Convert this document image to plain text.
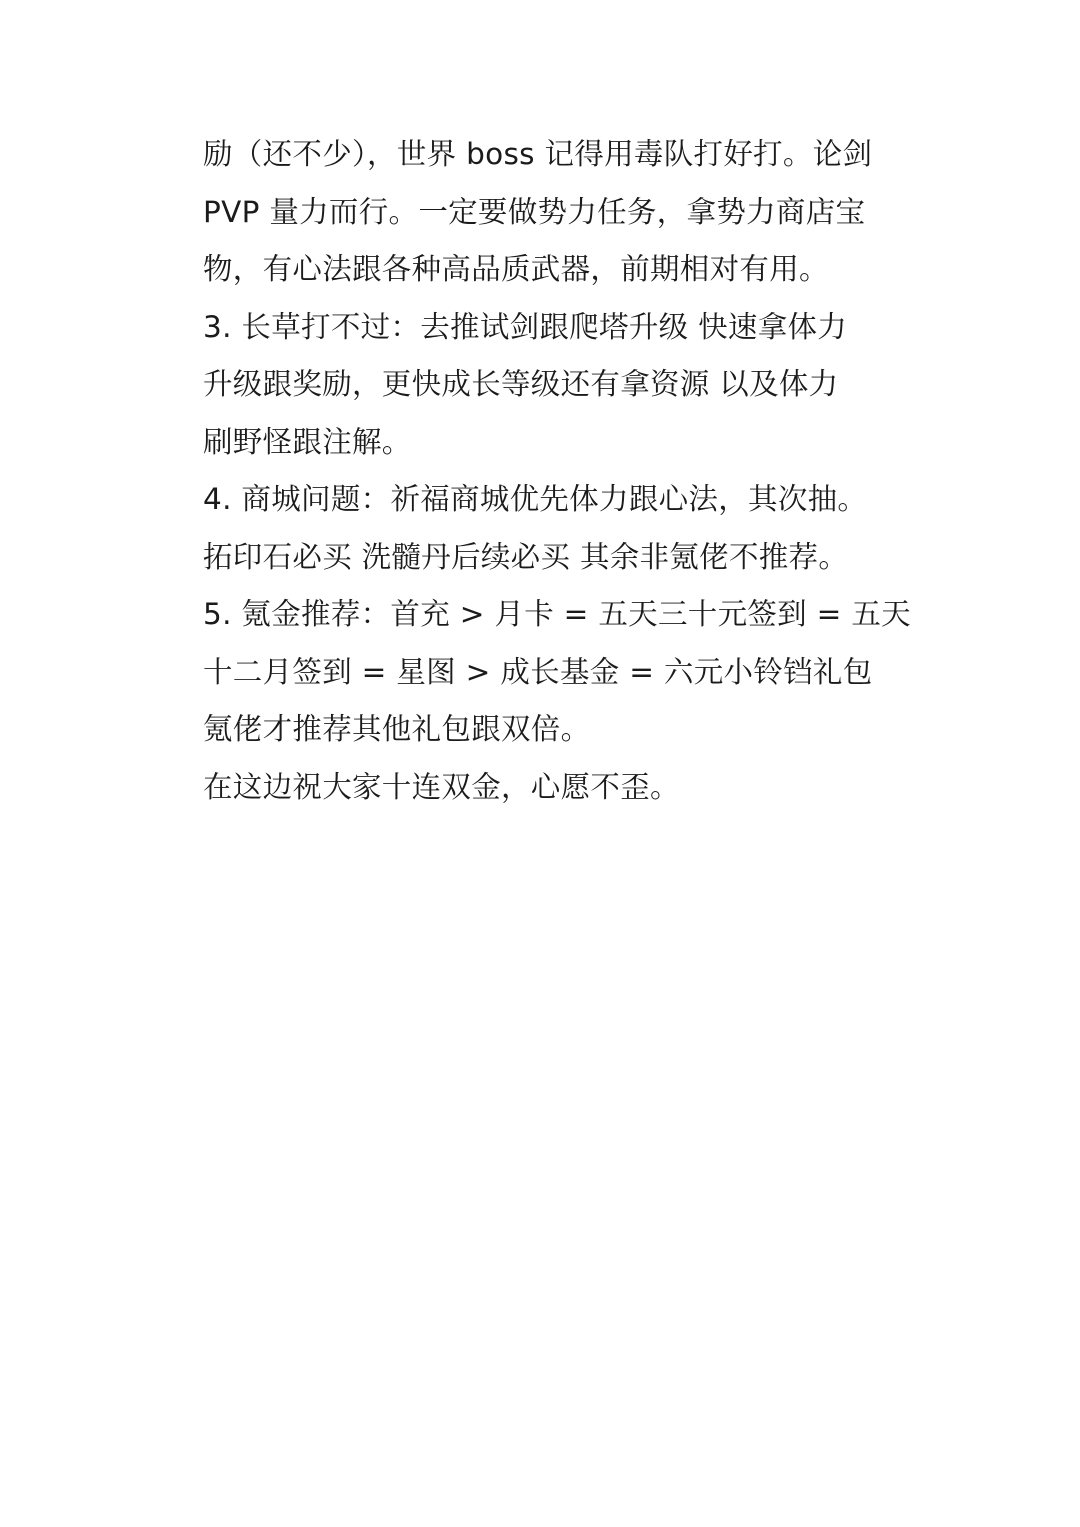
励（还不少），世界 boss 记得用毒队打好打。论剑
PVP 量力而行。一定要做势力任务，拿势力商店宝
物，有心法跟各种高品质武器，前期相对有用。
3. 长草打不过：去推试剑跟爬塔升级 快速拿体力
升级跟奖励，更快成长等级还有拿资源 以及体力
刷野怪跟注解。
4. 商城问题：祈福商城优先体力跟心法，其次抽。
拓印石必买 洗髓丹后续必买 其余非氪佬不推荐。
5. 氪金推荐：首充 > 月卡 = 五天三十元签到 = 五天
十二月签到 = 星图 > 成长基金 = 六元小铃铛礼包
氪佬才推荐其他礼包跟双倍。
在这边祝大家十连双金，心愿不歪。
